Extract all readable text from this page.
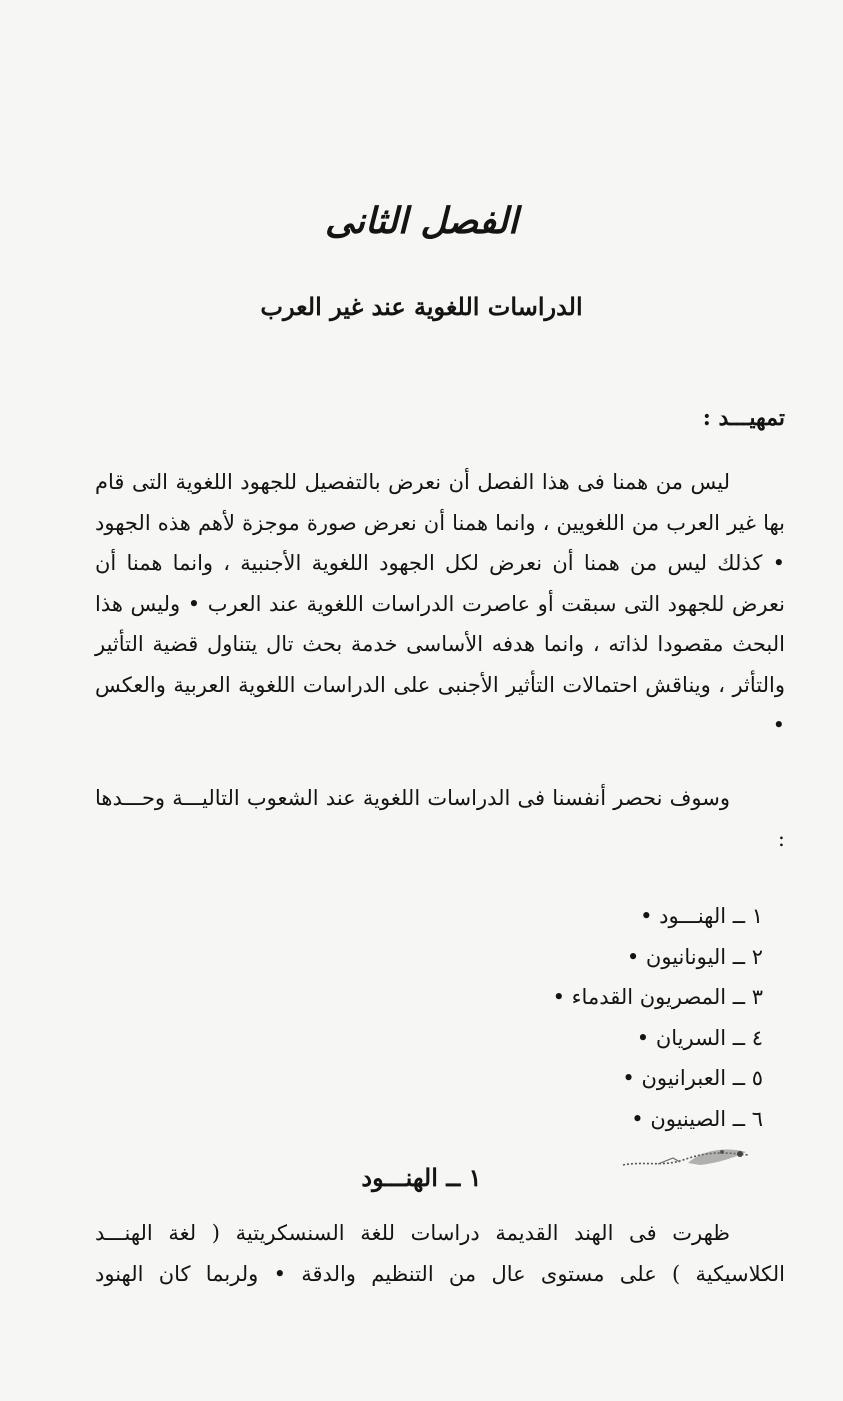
الفصل الثانى
الدراسات اللغوية عند غير العرب
تمهيـــد :

ليس من همنا فى هذا الفصل أن نعرض بالتفصيل للجهود اللغوية التى قام بها غير العرب من اللغويين ، وانما همنا أن نعرض صورة موجزة لأهم هذه الجهود • كذلك ليس من همنا أن نعرض لكل الجهود اللغوية الأجنبية ، وانما همنا أن نعرض للجهود التى سبقت أو عاصرت الدراسات اللغوية عند العرب • وليس هذا البحث مقصودا لذاته ، وانما هدفه الأساسى خدمة بحث تال يتناول قضية التأثير والتأثر ، ويناقش احتمالات التأثير الأجنبى على الدراسات اللغوية العربية والعكس •

وسوف نحصر أنفسنا فى الدراسات اللغوية عند الشعوب التاليـــة وحـــدها :

١ ــ الهنـــود •
٢ ــ اليونانيون •
٣ ــ المصريون القدماء •
٤ ــ السريان •
٥ ــ العبرانيون •
٦ ــ الصينيون •
١ ــ الهنـــود

ظهرت فى الهند القديمة دراسات للغة السنسكريتية ( لغة الهنـــد الكلاسيكية ) على مستوى عال من التنظيم والدقة • ولربما كان الهنود
